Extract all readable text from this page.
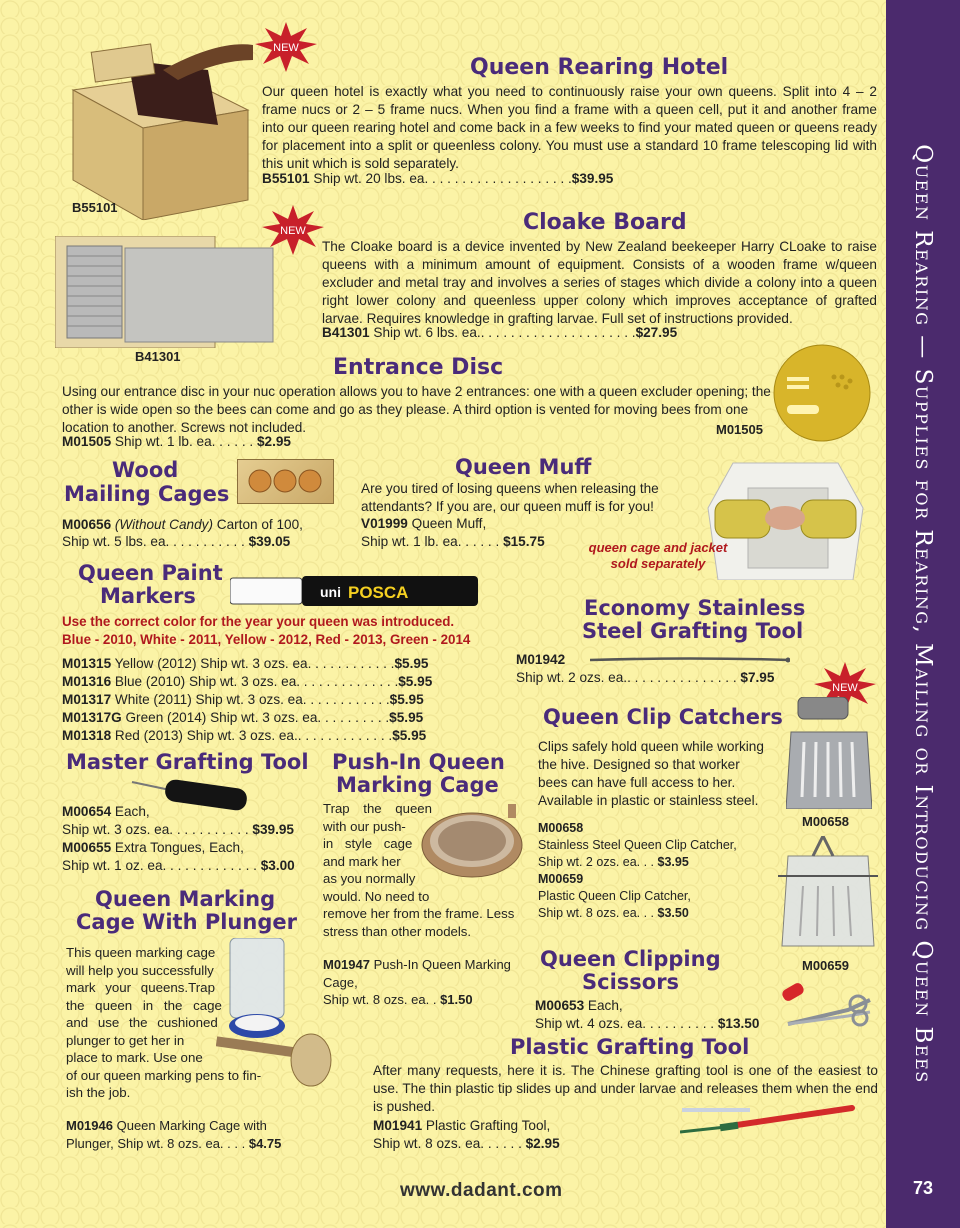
Queen Rearing — Supplies for Rearing, Mailing or Introducing Queen Bees
73
B55101
NEW
Queen Rearing Hotel
Our queen hotel is exactly what you need to continuously raise your own queens. Split into 4 – 2 frame nucs or 2 – 5 frame nucs. When you find a frame with a queen cell, put it and another frame into our queen rearing hotel and come back in a few weeks to find your mated queen or queens ready for placement into a split or queenless colony. You must use a standard 10 frame telescoping lid with this unit which is sold separately.
B55101 Ship wt. 20 lbs. ea. . . . . . . . . . . . . . . . . . . .$39.95
B41301
NEW	Cloake Board
The Cloake board is a device invented by New Zealand beekeeper Harry CLoake to raise queens with a minimum amount of equipment. Consists of a wooden frame w/queen excluder and metal tray and involves a series of stages which divide a colony into a queen right lower colony and queenless upper colony which improves acceptance of grafted larvae. Requires knowledge in grafting larvae. Full set of instructions provided.
B41301 Ship wt. 6 lbs. ea.. . . . . . . . . . . . . . . . . . . . .$27.95
Entrance Disc
Using our entrance disc in your nuc operation allows you to have 2 entrances: one with a queen excluder opening; the other is wide open so the bees can come and go as they please. A third option is vented for moving bees from one location to another. Screws not included.
M01505 Ship wt. 1 lb. ea. . . . . . $2.95
M01505
Wood
Mailing Cages
M00656 (Without Candy) Carton of 100,
Ship wt. 5 lbs. ea. . . . . . . . . . . $39.05
Queen Muff
Are you tired of losing queens when releasing the attendants? If you are, our queen muff is for you!
V01999 Queen Muff,
Ship wt. 1 lb. ea. . . . . . $15.75	queen cage and jacket
sold separately
Queen Paint
Markers	uni POSCA
Use the correct color for the year your queen was introduced.
Blue - 2010, White - 2011, Yellow - 2012, Red - 2013, Green - 2014
M01315 Yellow (2012) Ship wt. 3 ozs. ea. . . . . . . . . . . .$5.95
M01316 Blue (2010) Ship wt. 3 ozs. ea. . . . . . . . . . . . . .$5.95
M01317 White (2011) Ship wt. 3 ozs. ea. . . . . . . . . . . .$5.95
M01317G Green (2014) Ship wt. 3 ozs. ea. . . . . . . . . .$5.95
M01318 Red (2013) Ship wt. 3 ozs. ea.. . . . . . . . . . . . .$5.95
Economy Stainless
Steel Grafting Tool
M01942
Ship wt. 2 ozs. ea.. . . . . . . . . . . . . . . $7.95
NEW
Queen Clip Catchers
Clips safely hold queen while working the hive. Designed so that worker bees can have full access to her. Available in plastic or stainless steel.
M00658
Stainless Steel Queen Clip Catcher,
Ship wt. 2 ozs. ea. . . $3.95
M00659
Plastic Queen Clip Catcher,
Ship wt. 8 ozs. ea. . . $3.50
M00658
M00659
Master Grafting Tool
M00654 Each,
Ship wt. 3 ozs. ea. . . . . . . . . . . $39.95
M00655 Extra Tongues, Each,
Ship wt. 1 oz. ea. . . . . . . . . . . . . $3.00
Push-In Queen
Marking Cage
Trap the queen
with our push-
in style cage
and mark her
as you normally
would. No need to
remove her from the frame. Less
stress than other models.
M01947 Push-In Queen Marking
Cage,
Ship wt. 8 ozs. ea. . $1.50
Queen Marking
Cage With Plunger
This queen marking cage
will help you successfully
mark your queens.Trap
the queen in the cage
and use the cushioned
plunger to get her in
place to mark. Use one
of our queen marking pens to fin-
ish the job.
M01946 Queen Marking Cage with
Plunger, Ship wt. 8 ozs. ea. . . . $4.75
Queen Clipping
Scissors
M00653 Each,
Ship wt. 4 ozs. ea. . . . . . . . . . $13.50
Plastic Grafting Tool
After many requests, here it is. The Chinese grafting tool is one of the easiest to use. The thin plastic tip slides up and under larvae and releases them when the end is pushed.
M01941 Plastic Grafting Tool,
Ship wt. 8 ozs. ea. . . . . . $2.95
www.dadant.com
